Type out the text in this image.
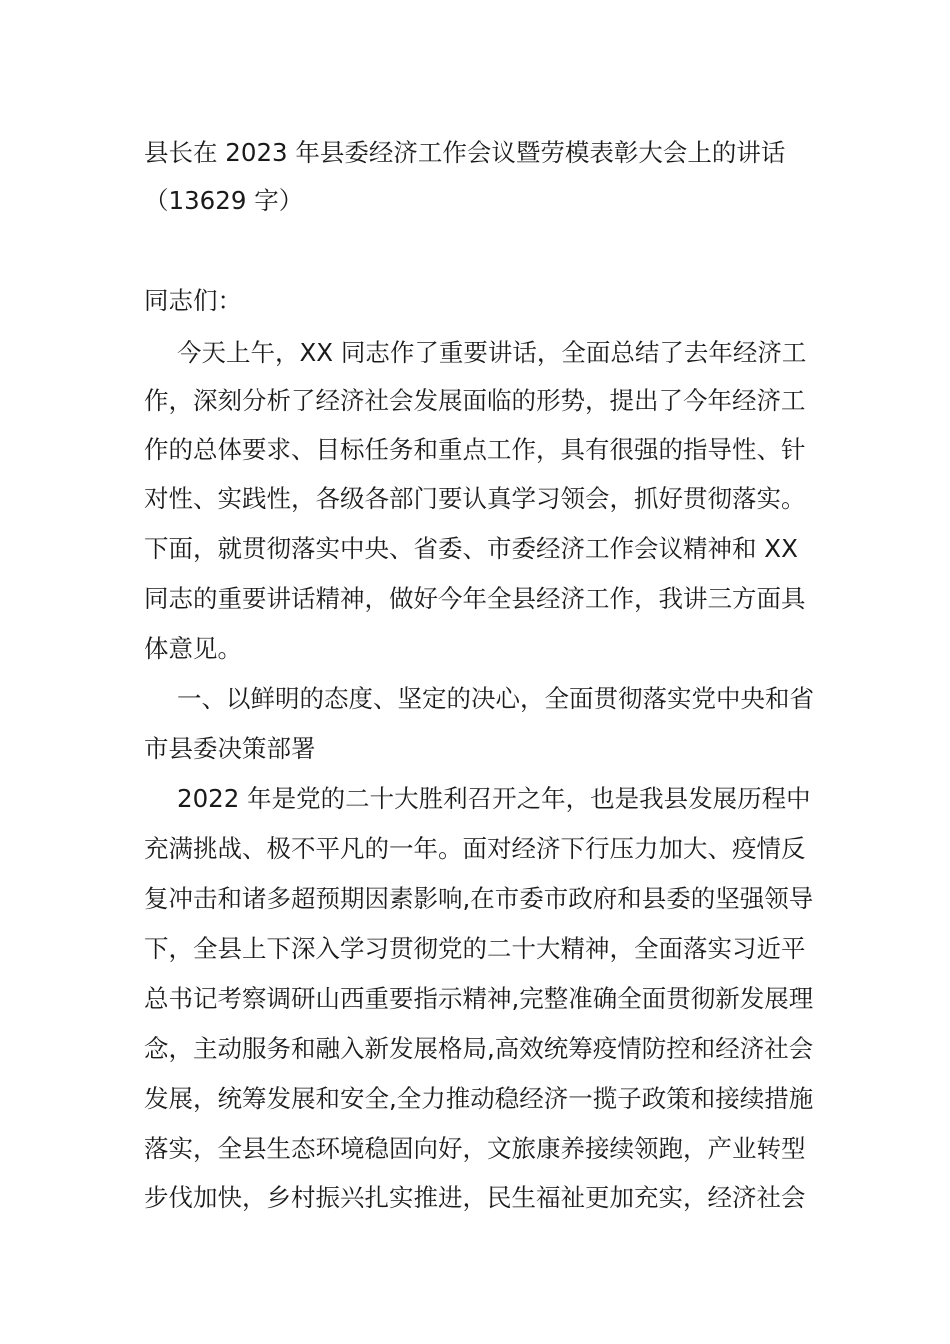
县长在 2023 年县委经济工作会议暨劳模表彰大会上的讲话
（13629 字）
同志们：
今天上午，XX 同志作了重要讲话，全面总结了去年经济工
作，深刻分析了经济社会发展面临的形势，提出了今年经济工
作的总体要求、目标任务和重点工作，具有很强的指导性、针
对性、实践性，各级各部门要认真学习领会，抓好贯彻落实。
下面，就贯彻落实中央、省委、市委经济工作会议精神和 XX
同志的重要讲话精神，做好今年全县经济工作，我讲三方面具
体意见。
一、以鲜明的态度、坚定的决心，全面贯彻落实党中央和省
市县委决策部署
2022 年是党的二十大胜利召开之年，也是我县发展历程中
充满挑战、极不平凡的一年。面对经济下行压力加大、疫情反
复冲击和诸多超预期因素影响,在市委市政府和县委的坚强领导
下，全县上下深入学习贯彻党的二十大精神，全面落实习近平
总书记考察调研山西重要指示精神,完整准确全面贯彻新发展理
念，主动服务和融入新发展格局,高效统筹疫情防控和经济社会
发展，统筹发展和安全,全力推动稳经济一揽子政策和接续措施
落实，全县生态环境稳固向好，文旅康养接续领跑，产业转型
步伐加快，乡村振兴扎实推进，民生福祉更加充实，经济社会
